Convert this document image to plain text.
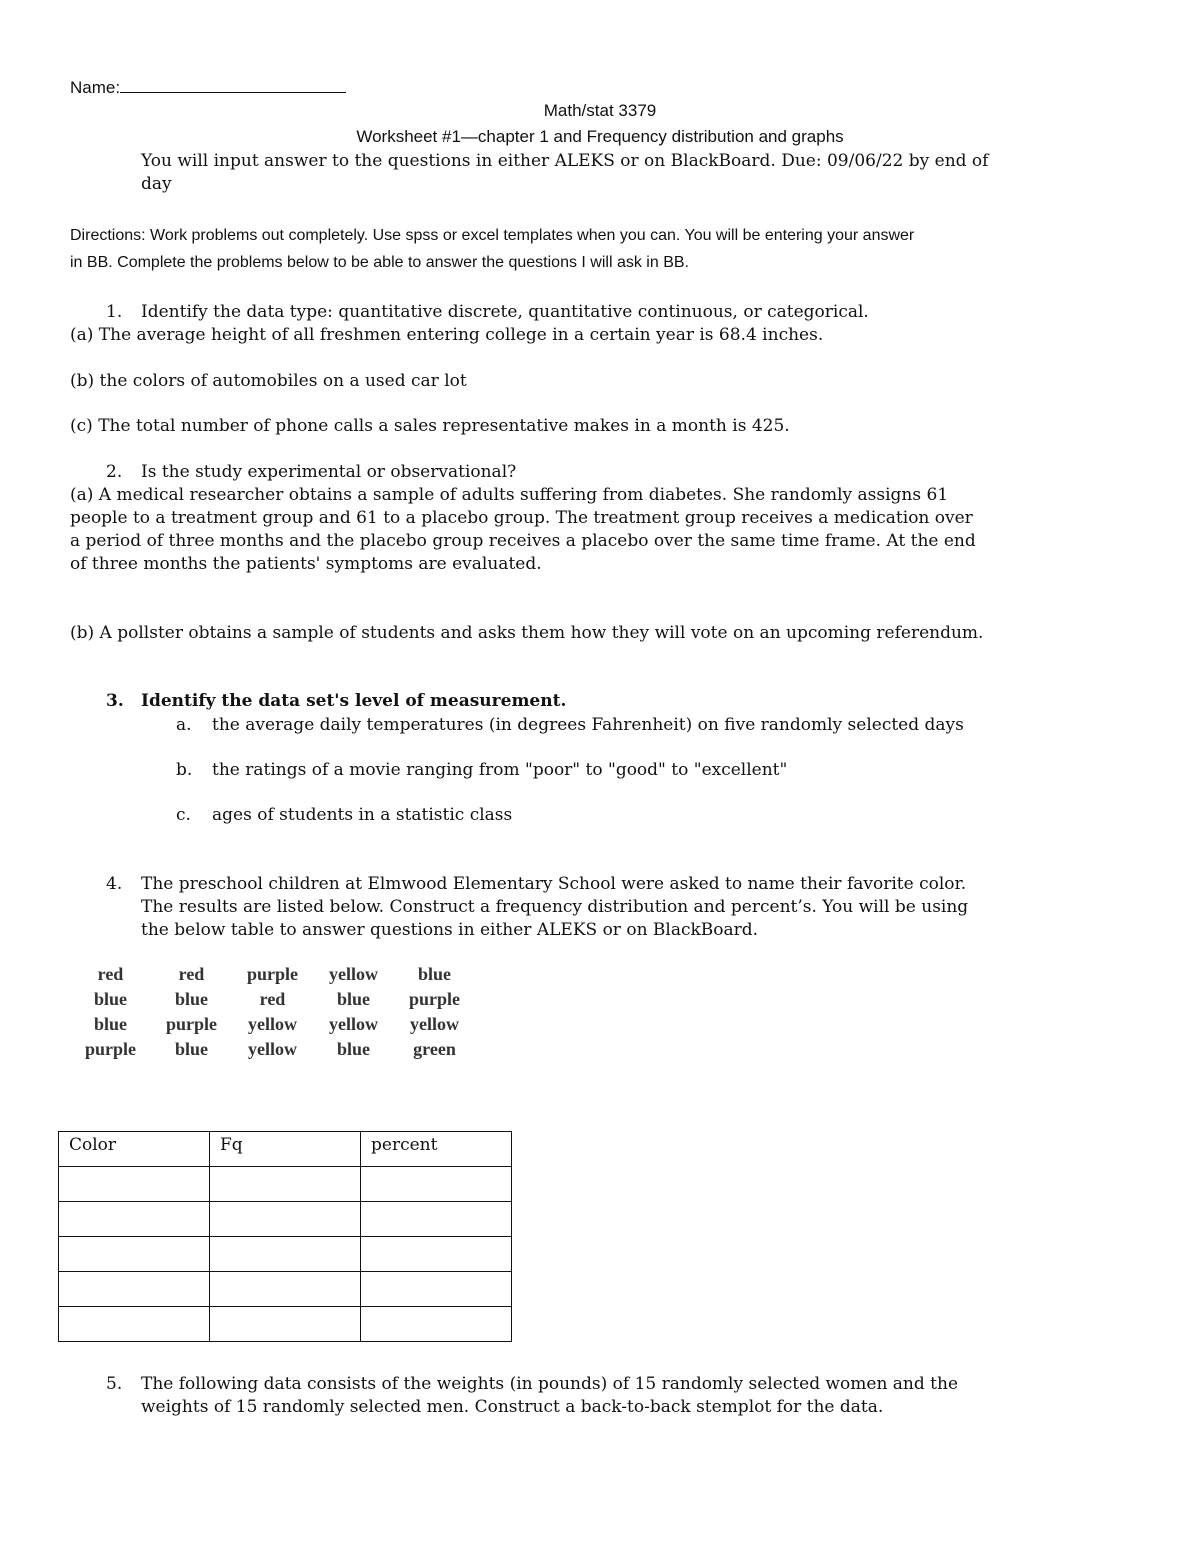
Name:
Math/stat 3379
Worksheet #1—chapter 1 and Frequency distribution and graphs
You will input answer to the questions in either ALEKS or on BlackBoard. Due: 09/06/22 by end of
day
Directions: Work problems out completely. Use spss or excel templates when you can. You will be entering your answer
in BB. Complete the problems below to be able to answer the questions I will ask in BB.
1. Identify the data type: quantitative discrete, quantitative continuous, or categorical.
(a) The average height of all freshmen entering college in a certain year is 68.4 inches.
(b) the colors of automobiles on a used car lot
(c) The total number of phone calls a sales representative makes in a month is 425.
2. Is the study experimental or observational?
(a) A medical researcher obtains a sample of adults suffering from diabetes. She randomly assigns 61
people to a treatment group and 61 to a placebo group. The treatment group receives a medication over
a period of three months and the placebo group receives a placebo over the same time frame. At the end
of three months the patients' symptoms are evaluated.
(b) A pollster obtains a sample of students and asks them how they will vote on an upcoming referendum.
3. Identify the data set's level of measurement.
a. the average daily temperatures (in degrees Fahrenheit) on five randomly selected days
b. the ratings of a movie ranging from "poor" to "good" to "excellent"
c. ages of students in a statistic class
4. The preschool children at Elmwood Elementary School were asked to name their favorite color.
The results are listed below. Construct a frequency distribution and percent’s. You will be using
the below table to answer questions in either ALEKS or on BlackBoard.
red	red	purple	yellow	blue
blue	blue	red	blue	purple
blue	purple	yellow	yellow	yellow
purple	blue	yellow	blue	green
Color	Fq	percent

5. The following data consists of the weights (in pounds) of 15 randomly selected women and the
weights of 15 randomly selected men. Construct a back-to-back stemplot for the data.
